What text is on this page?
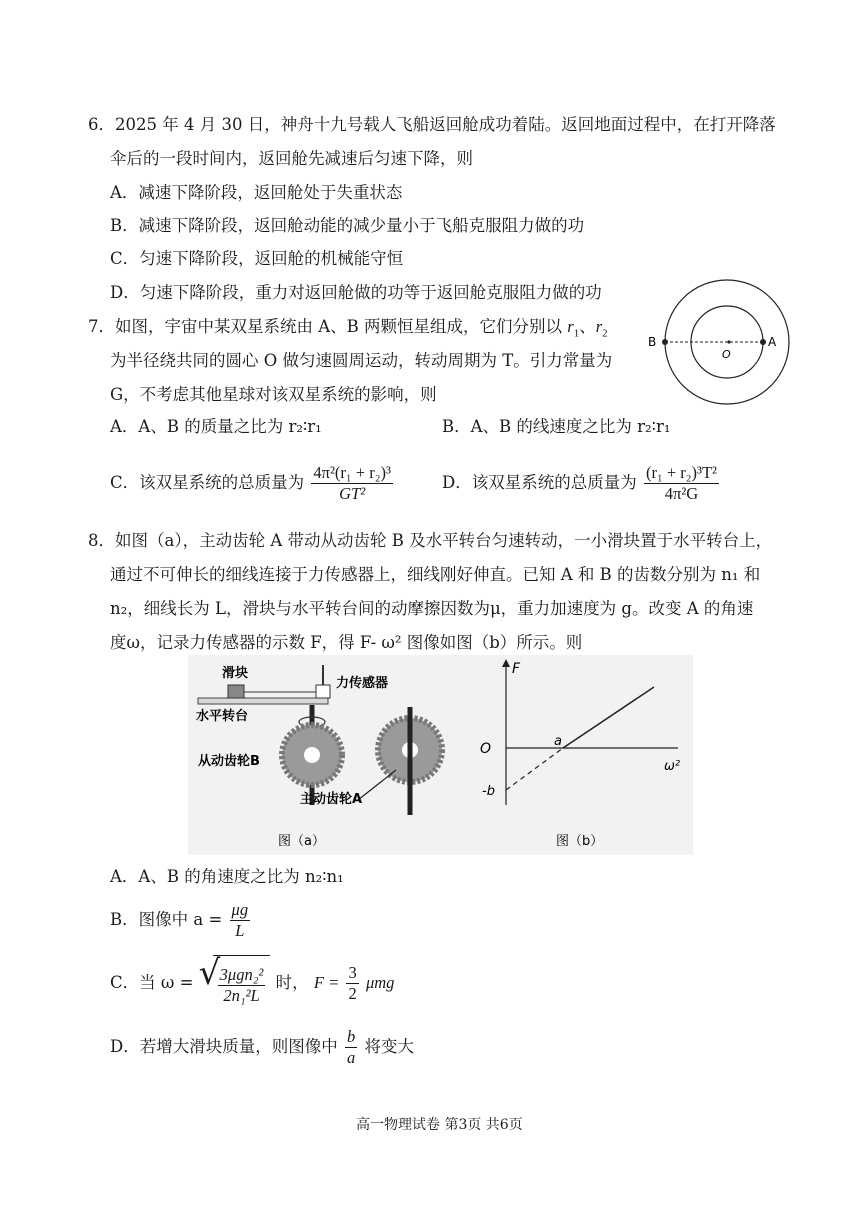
6．2025 年 4 月 30 日，神舟十九号载人飞船返回舱成功着陆。返回地面过程中，在打开降落
伞后的一段时间内，返回舱先减速后匀速下降，则
A．减速下降阶段，返回舱处于失重状态
B．减速下降阶段，返回舱动能的减少量小于飞船克服阻力做的功
C．匀速下降阶段，返回舱的机械能守恒
D．匀速下降阶段，重力对返回舱做的功等于返回舱克服阻力做的功
7．如图，宇宙中某双星系统由 A、B 两颗恒星组成，它们分别以 $r_1$、$r_2$
为半径绕共同的圆心 O 做匀速圆周运动，转动周期为 T。引力常量为
G，不考虑其他星球对该双星系统的影响，则
A．A、B 的质量之比为 r₂∶r₁	B．A、B 的线速度之比为 r₂∶r₁
C．该双星系统的总质量为 $\frac{\text{4π²(r₁ + r₂)³}}{\text{GT²}}$	D．该双星系统的总质量为 $\frac{\text{(r₁ + r₂)³T²}}{\text{4π²G}}$
B	A
O
8．如图（a），主动齿轮 A 带动从动齿轮 B 及水平转台匀速转动，一小滑块置于水平转台上，
通过不可伸长的细线连接于力传感器上，细线刚好伸直。已知 A 和 B 的齿数分别为 n₁ 和
n₂，细线长为 L，滑块与水平转台间的动摩擦因数为μ，重力加速度为 g。改变 A 的角速
度ω，记录力传感器的示数 F，得 F- ω² 图像如图（b）所示。则
滑块
力传感器
水平转台
从动齿轮B
主动齿轮A
图（a）
F
ω²
O
-b
a
图（b）
A．A、B 的角速度之比为 n₂∶n₁
B．图像中 $a = \frac{\mu g}{L}$
C．当 ω = √
$\frac{\text{3μgn₂²}}{\text{2n₁²L}}$ 时， $F = \frac{3}{2}$ μmg
D．若增大滑块质量，则图像中 $\frac{b}{a}$ 将变大
高一物理试卷 第3页 共6页
